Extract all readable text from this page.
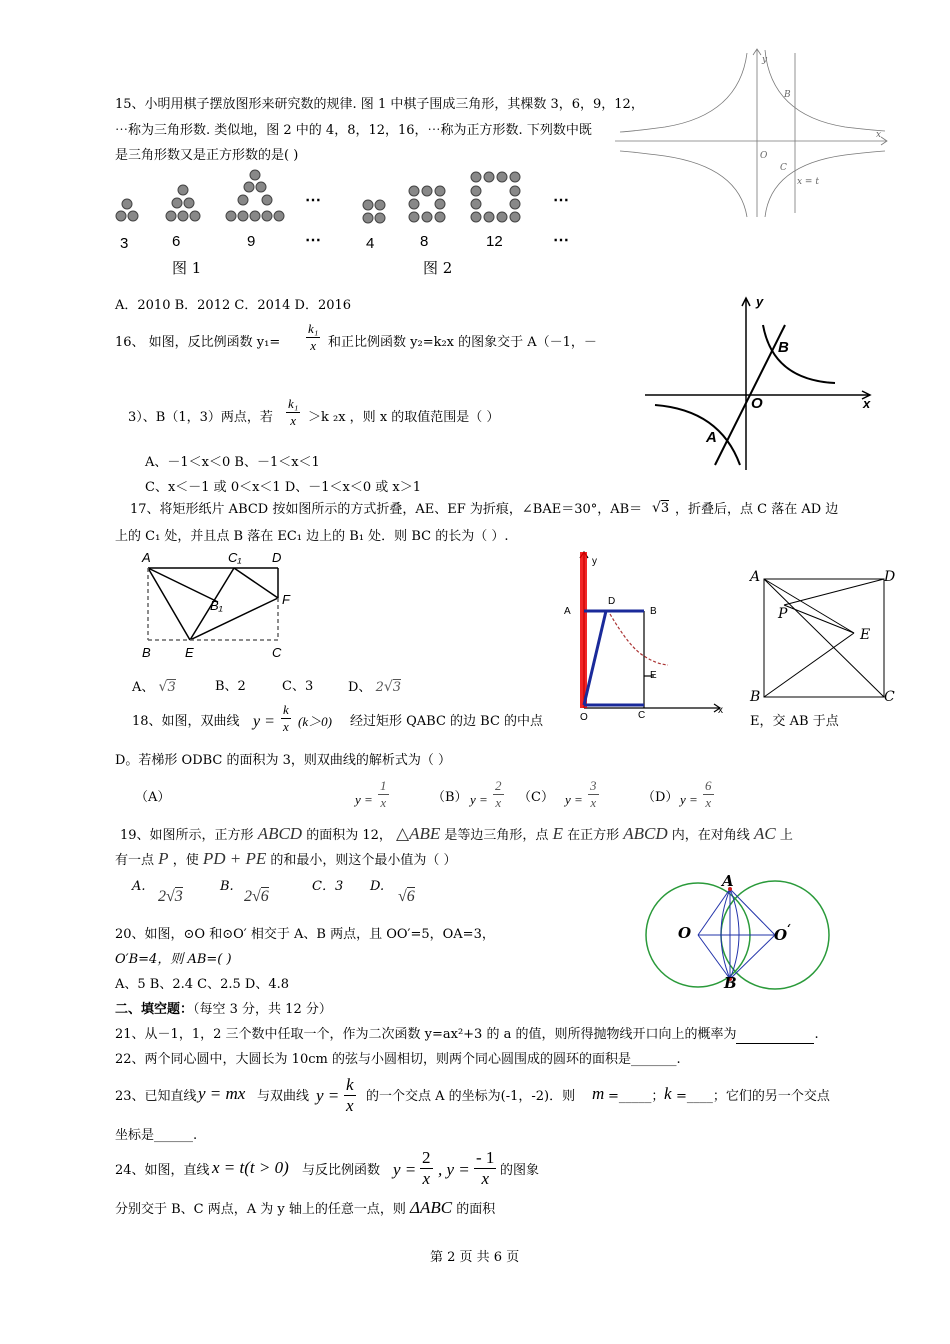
15、小明用棋子摆放图形来研究数的规律. 图 1 中棋子围成三角形，其棵数 3，6，9，12，
⋯称为三角形数. 类似地，图 2 中的 4，8，12，16，⋯称为正方形数. 下列数中既
是三角形数又是正方形数的是( )
3	6	9
⋯
⋯	4	8	12
⋯
⋯
图 1	图 2
A．2010 B．2012 C．2014 D．2016
y
x
B
O
C
x = t
16、 如图，反比例函数 $y_1= \frac{\text{k₁}}{x}$ 和正比例函数 y₂=k₂x 的图象交于 A（－1，－
3）、B（1，3）两点，若 $\frac{\text{k₁}}{x} >k$ ₂x ，则 x 的取值范围是（ ）
A、－1＜x＜0 B、－1＜x＜1
C、x＜－1 或 0＜x＜1 D、－1＜x＜0 或 x＞1
y
x
O
A
B
17、将矩形纸片 ABCD 按如图所示的方式折叠，AE、EF 为折痕，∠BAE＝30°，AB＝ √3 ，折叠后，点 C 落在 AD 边
上的 C₁ 处，并且点 B 落在 EC₁ 边上的 B₁ 处．则 BC 的长为（ ）.
A	C₁ D
B₁	F
B	E	C
A、 √3	B、2	C、3	D、 2√3
y
x
A
D
B
E
O	C
A	D
P
E
B	C
18、如图，双曲线 $y = \frac{k}{x} (k>0)$ 经过矩形 QABC 的边 BC 的中点	E，交 AB 于点
D。若梯形 ODBC 的面积为 3，则双曲线的解析式为（ ）
（A）	$y = \frac{1}{x}$	（B） $y = \frac{2}{x} (C) y = \frac{3}{x}$	（D） $y = \frac{6}{x}$
19、如图所示，正方形 ABCD 的面积为 12， △ABE 是等边三角形，点 E 在正方形 ABCD 内，在对角线 AC 上
有一点 P ，使 PD + PE 的和最小，则这个最小值为（ ）
A.
2√3
B.
2√6
C．3 D.
√6
A
O	O‘
B
20、如图，⊙O 和⊙O′ 相交于 A、B 两点，且 OO′=5，OA=3，
O′B=4，则 AB=( )
A、5 B、2.4 C、2.5 D、4.8
二、填空题：（每空 3 分，共 12 分）
21、从－1，1，2 三个数中任取一个，作为二次函数 y=ax²+3 的 a 的值，则所得抛物线开口向上的概率为	.
22、两个同心圆中，大圆长为 10cm 的弦与小圆相切，则两个同心圆围成的圆环的面积是_______.
23、已知直线 y = mx 与双曲线 $y = \frac{k}{x}$ 的一个交点 A 的坐标为(-1，-2)．则 m =_____； k =____；它们的另一个交点
坐标是______.
24、如图，直线 x = t(t > 0) 与反比例函数 $y = \frac{2}{x}$ , $y = \frac{- 1}{x}$ 的图象
分别交于 B、C 两点，A 为 y 轴上的任意一点，则 ΔABC 的面积
第 2 页 共 6 页
